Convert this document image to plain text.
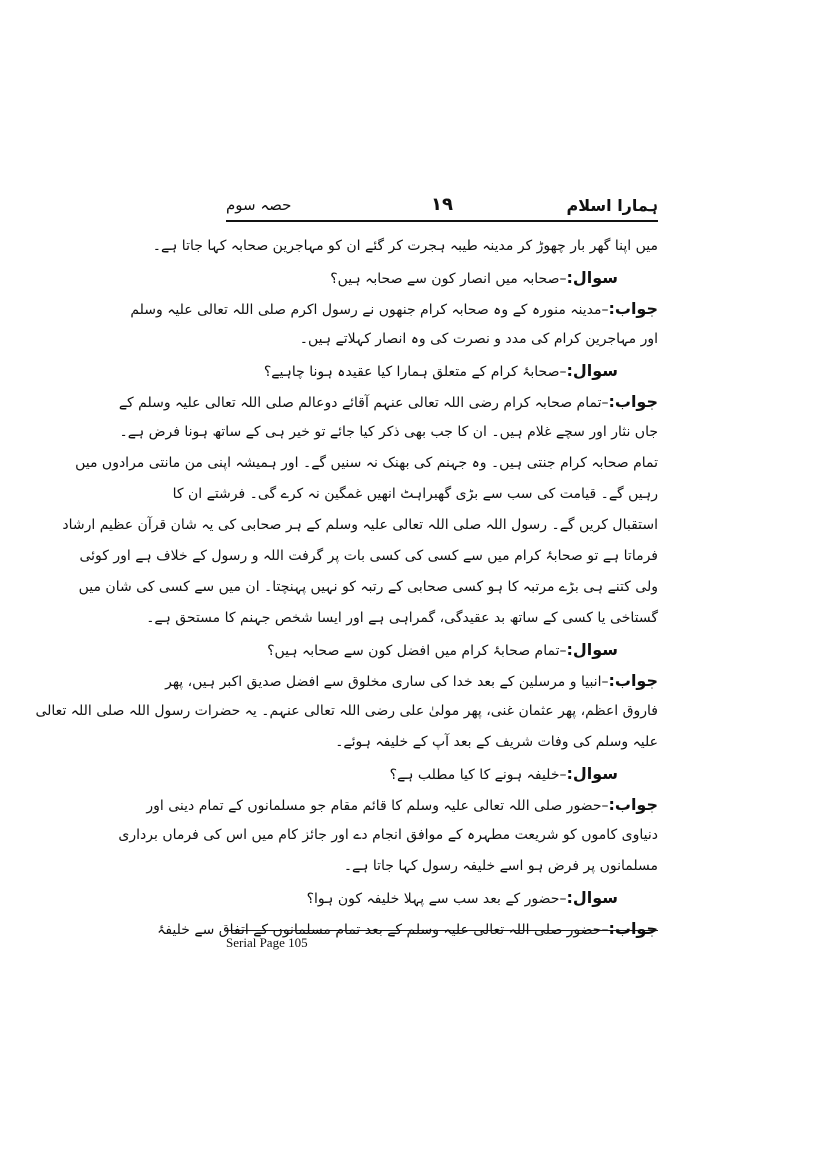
ہمارا اسلام
۱۹
حصہ سوم
میں اپنا گھر بار چھوڑ کر مدینہ طیبہ ہجرت کر گئے ان کو مہاجرین صحابہ کہا جاتا ہے۔
سوال:–صحابہ میں انصار کون سے صحابہ ہیں؟
جواب:–مدینہ منورہ کے وہ صحابہ کرام جنھوں نے رسول اکرم صلی اللہ تعالی علیہ وسلم
اور مہاجرین کرام کی مدد و نصرت کی وہ انصار کہلاتے ہیں۔
سوال:–صحابۂ کرام کے متعلق ہمارا کیا عقیدہ ہونا چاہیے؟
جواب:–تمام صحابہ کرام رضی اللہ تعالی عنہم آقائے دوعالم صلی اللہ تعالی علیہ وسلم کے
جاں نثار اور سچے غلام ہیں۔ ان کا جب بھی ذکر کیا جائے تو خیر ہی کے ساتھ ہونا فرض ہے۔
تمام صحابہ کرام جنتی ہیں۔ وہ جہنم کی بھنک نہ سنیں گے۔ اور ہمیشہ اپنی من مانتی مرادوں میں
رہیں گے۔ قیامت کی سب سے بڑی گھبراہٹ انھیں غمگین نہ کرے گی۔ فرشتے ان کا
استقبال کریں گے۔ رسول اللہ صلی اللہ تعالی علیہ وسلم کے ہر صحابی کی یہ شان قرآن عظیم ارشاد
فرماتا ہے تو صحابۂ کرام میں سے کسی کی کسی بات پر گرفت اللہ و رسول کے خلاف ہے اور کوئی
ولی کتنے ہی بڑے مرتبہ کا ہو کسی صحابی کے رتبہ کو نہیں پہنچتا۔ ان میں سے کسی کی شان میں
گستاخی یا کسی کے ساتھ بد عقیدگی، گمراہی ہے اور ایسا شخص جہنم کا مستحق ہے۔
سوال:–تمام صحابۂ کرام میں افضل کون سے صحابہ ہیں؟
جواب:–انبیا و مرسلین کے بعد خدا کی ساری مخلوق سے افضل صدیق اکبر ہیں، پھر
فاروق اعظم، پھر عثمان غنی، پھر مولیٰ علی رضی اللہ تعالی عنہم۔ یہ حضرات رسول اللہ صلی اللہ تعالی
علیہ وسلم کی وفات شریف کے بعد آپ کے خلیفہ ہوئے۔
سوال:–خلیفہ ہونے کا کیا مطلب ہے؟
جواب:–حضور صلی اللہ تعالی علیہ وسلم کا قائم مقام جو مسلمانوں کے تمام دینی اور
دنیاوی کاموں کو شریعت مطہرہ کے موافق انجام دے اور جائز کام میں اس کی فرماں برداری
مسلمانوں پر فرض ہو اسے خلیفہ رسول کہا جاتا ہے۔
سوال:–حضور کے بعد سب سے پہلا خلیفہ کون ہوا؟
جواب:–حضور صلی اللہ تعالی علیہ وسلم کے بعد تمام مسلمانوں کے اتفاق سے خلیفۂ
Serial Page 105
